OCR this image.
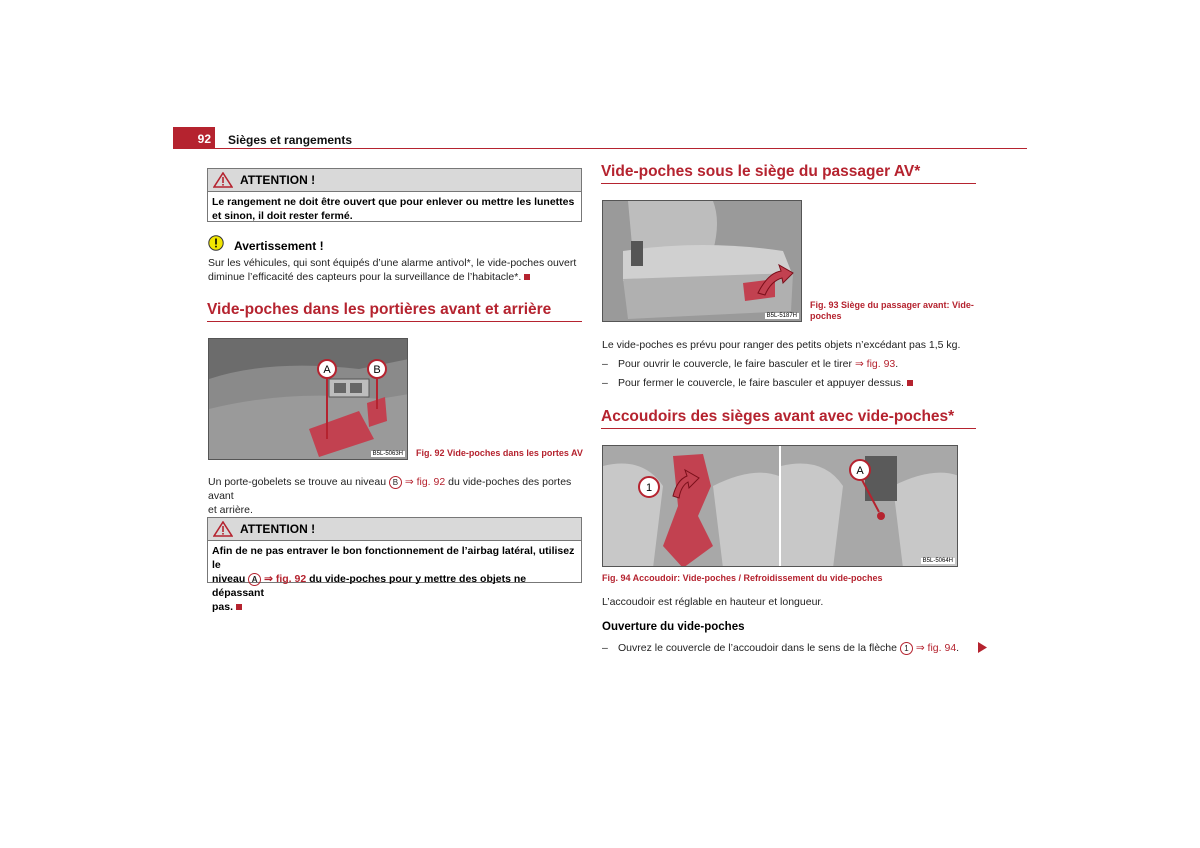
92	Sièges et rangements
ATTENTION !
Le rangement ne doit être ouvert que pour enlever ou mettre les lunettes et sinon, il doit rester fermé.
Avertissement !

Sur les véhicules, qui sont équipés d’une alarme antivol*, le vide-poches ouvert diminue l’efficacité des capteurs pour la surveillance de l’habitacle*.

Vide-poches dans les portières avant et arrière
A	B
B5L-5063H Fig. 92 Vide-poches dans les portes AV

Un porte-gobelets se trouve au niveau B ⇒ fig. 92 du vide-poches des portes avant
et arrière.

ATTENTION !
Afin de ne pas entraver le bon fonctionnement de l’airbag latéral, utilisez le
niveau A ⇒ fig. 92 du vide-poches pour y mettre des objets ne dépassant
pas.
Vide-poches sous le siège du passager AV*
B5L-5187H
Fig. 93 Siège du passager avant: Vide-
poches
Le vide-poches es prévu pour ranger des petits objets n’excédant pas 1,5 kg.
– Pour ouvrir le couvercle, le faire basculer et le tirer ⇒ fig. 93.
– Pour fermer le couvercle, le faire basculer et appuyer dessus.
Accoudoirs des sièges avant avec vide-poches*
1
A
B5L-5064H
Fig. 94 Accoudoir: Vide-poches / Refroidissement du vide-poches
L’accoudoir est réglable en hauteur et longueur.
Ouverture du vide-poches
– Ouvrez le couvercle de l’accoudoir dans le sens de la flèche 1 ⇒ fig. 94.
